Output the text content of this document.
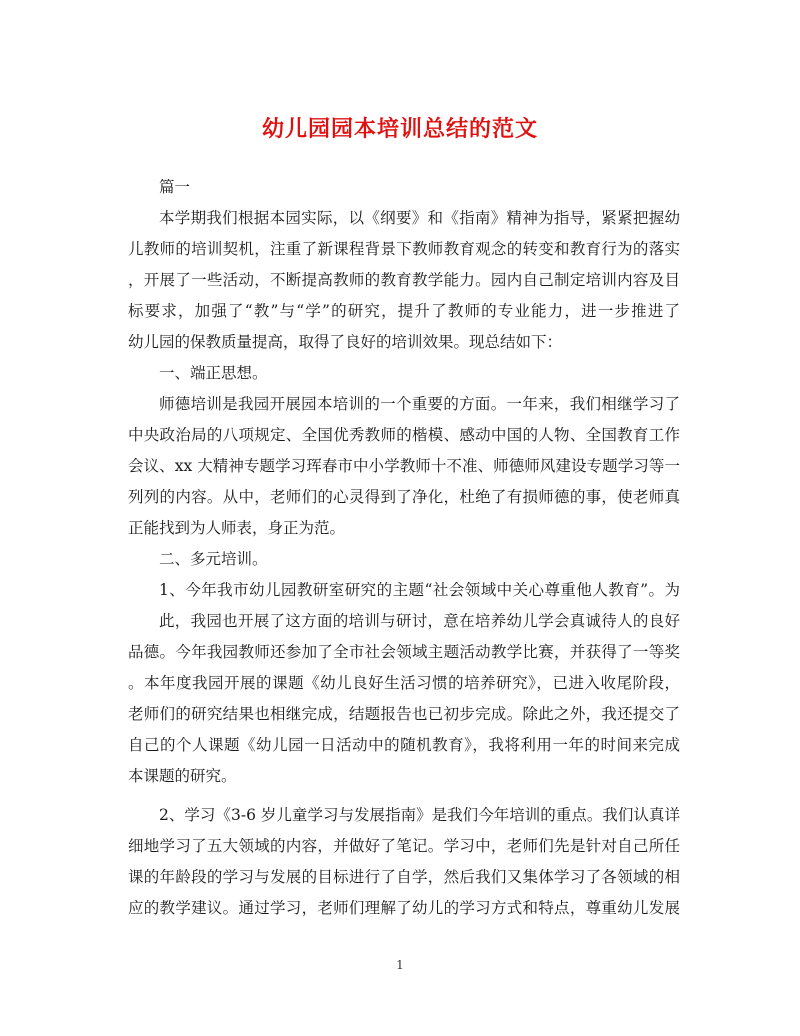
幼儿园园本培训总结的范文
篇一
本学期我们根据本园实际，以《纲要》和《指南》精神为指导，紧紧把握幼
儿教师的培训契机，注重了新课程背景下教师教育观念的转变和教育行为的落实
，开展了一些活动，不断提高教师的教育教学能力。园内自己制定培训内容及目
标要求，加强了“教”与“学”的研究，提升了教师的专业能力，进一步推进了
幼儿园的保教质量提高，取得了良好的培训效果。现总结如下：
一、端正思想。
师德培训是我园开展园本培训的一个重要的方面。一年来，我们相继学习了
中央政治局的八项规定、全国优秀教师的楷模、感动中国的人物、全国教育工作
会议、xx 大精神专题学习珲春市中小学教师十不准、师德师风建设专题学习等一
列列的内容。从中，老师们的心灵得到了净化，杜绝了有损师德的事，使老师真
正能找到为人师表，身正为范。
二、多元培训。
1、今年我市幼儿园教研室研究的主题“社会领域中关心尊重他人教育”。为
此，我园也开展了这方面的培训与研讨，意在培养幼儿学会真诚待人的良好
品德。今年我园教师还参加了全市社会领域主题活动教学比赛，并获得了一等奖
。本年度我园开展的课题《幼儿良好生活习惯的培养研究》，已进入收尾阶段，
老师们的研究结果也相继完成，结题报告也已初步完成。除此之外，我还提交了
自己的个人课题《幼儿园一日活动中的随机教育》，我将利用一年的时间来完成
本课题的研究。
2、学习《3-6 岁儿童学习与发展指南》是我们今年培训的重点。我们认真详
细地学习了五大领域的内容，并做好了笔记。学习中，老师们先是针对自己所任
课的年龄段的学习与发展的目标进行了自学，然后我们又集体学习了各领域的相
应的教学建议。通过学习，老师们理解了幼儿的学习方式和特点，尊重幼儿发展
1
